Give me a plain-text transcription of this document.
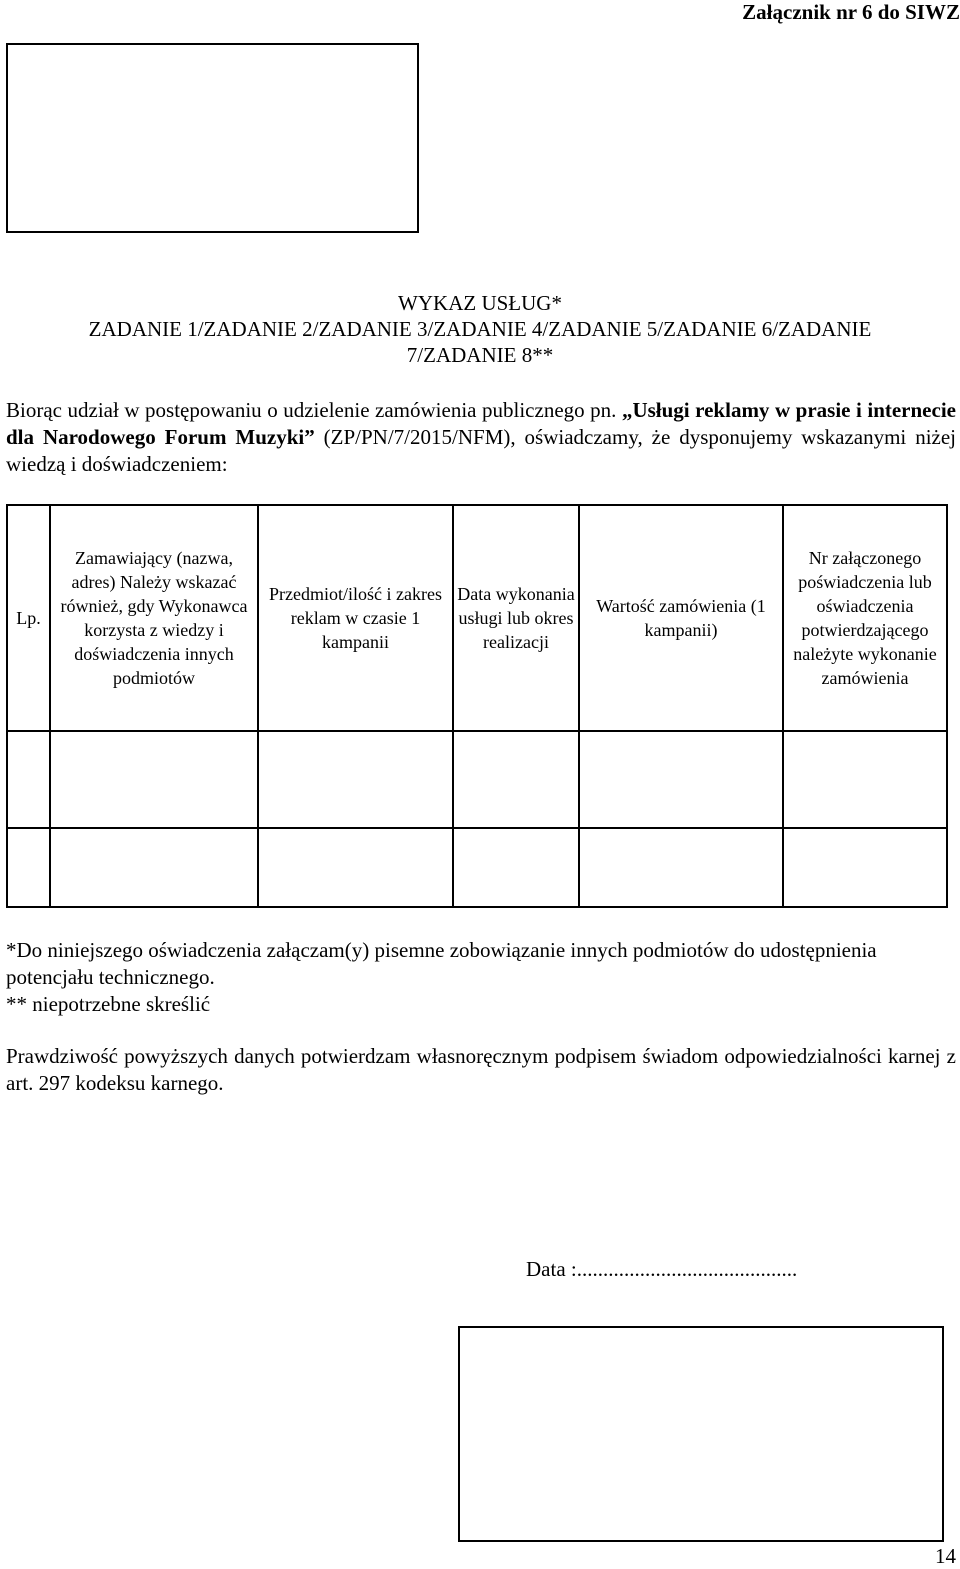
Załącznik nr 6 do SIWZ
WYKAZ USŁUG*
ZADANIE 1/ZADANIE 2/ZADANIE 3/ZADANIE 4/ZADANIE 5/ZADANIE 6/ZADANIE
7/ZADANIE 8**
Biorąc udział w postępowaniu o udzielenie zamówienia publicznego pn. „Usługi reklamy w prasie i internecie dla Narodowego Forum Muzyki” (ZP/PN/7/2015/NFM), oświadczamy, że dysponujemy wskazanymi niżej wiedzą i doświadczeniem:
Lp.	Zamawiający (nazwa, adres) Należy wskazać również, gdy Wykonawca korzysta z wiedzy i doświadczenia innych podmiotów	Przedmiot/ilość i zakres reklam w czasie 1 kampanii	Data wykonania usługi lub okres realizacji	Wartość zamówienia (1 kampanii)	Nr załączonego poświadczenia lub oświadczenia potwierdzającego należyte wykonanie zamówienia

*Do niniejszego oświadczenia załączam(y) pisemne zobowiązanie innych podmiotów do udostępnienia potencjału technicznego.
** niepotrzebne skreślić
Prawdziwość powyższych danych potwierdzam własnoręcznym podpisem świadom odpowiedzialności karnej z art. 297 kodeksu karnego.
Data :..........................................
14
